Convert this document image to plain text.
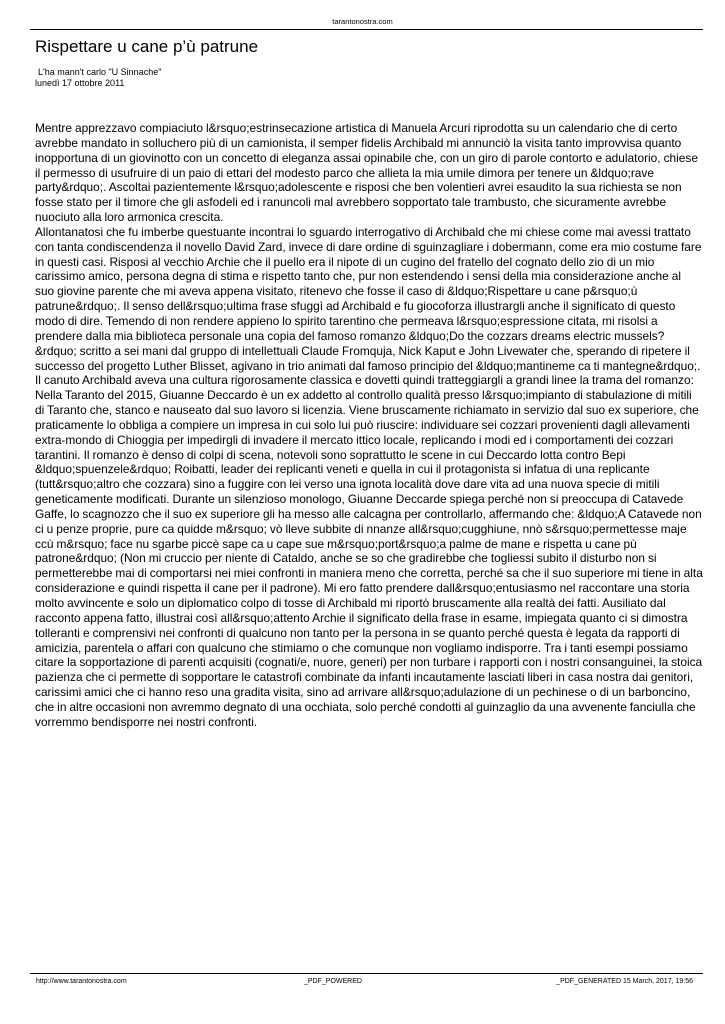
tarantonostra.com
Rispettare u cane p’ù patrune
L'ha mann't carlo "U Sinnache"
lunedì 17 ottobre 2011
Mentre apprezzavo compiaciuto l&rsquo;estrinsecazione artistica di Manuela Arcuri riprodotta su un calendario che di certo avrebbe mandato in solluchero più di un camionista, il semper fidelis Archibald mi annunciò la visita tanto improvvisa quanto inopportuna di un giovinotto con un concetto di eleganza assai opinabile che, con un giro di parole contorto e adulatorio, chiese il permesso di usufruire di un paio di ettari del modesto parco che allieta la mia umile dimora per tenere un &ldquo;rave party&rdquo;. Ascoltai pazientemente l&rsquo;adolescente e risposi che ben volentieri avrei esaudito la sua richiesta se non fosse stato per il timore che gli asfodeli ed i ranuncoli mal avrebbero sopportato tale trambusto, che sicuramente avrebbe nuociuto alla loro armonica crescita.
Allontanatosi che fu imberbe questuante incontrai lo sguardo interrogativo di Archibald che mi chiese come mai avessi trattato con tanta condiscendenza il novello David Zard, invece di dare ordine di sguinzagliare i dobermann, come era mio costume fare in questi casi. Risposi al vecchio Archie che il puello era il nipote di un cugino del fratello del cognato dello zio di un mio carissimo amico, persona degna di stima e rispetto tanto che, pur non estendendo i sensi della mia considerazione anche al suo giovine parente che mi aveva appena visitato, ritenevo che fosse il caso di &ldquo;Rispettare u cane p&rsquo;ù patrune&rdquo;. Il senso dell&rsquo;ultima frase sfuggì ad Archibald e fu giocoforza illustrargli anche il significato di questo modo di dire. Temendo di non rendere appieno lo spirito tarentino che permeava l&rsquo;espressione citata, mi risolsi a prendere dalla mia biblioteca personale una copia del famoso romanzo &ldquo;Do the cozzars dreams electric mussels?&rdquo; scritto a sei mani dal gruppo di intellettuali Claude Fromquja, Nick Kaput e John Livewater che, sperando di ripetere il successo del progetto Luther Blisset, agivano in trio animati dal famoso principio del &ldquo;mantineme ca ti mantegne&rdquo;. Il canuto Archibald aveva una cultura rigorosamente classica e dovetti quindi tratteggiargli a grandi linee la trama del romanzo: Nella Taranto del 2015, Giuanne Deccardo è un ex addetto al controllo qualità presso l&rsquo;impianto di stabulazione di mitili di Taranto che, stanco e nauseato dal suo lavoro si licenzia. Viene bruscamente richiamato in servizio dal suo ex superiore, che praticamente lo obbliga a compiere un impresa in cui solo lui può riuscire: individuare sei cozzari provenienti dagli allevamenti extra-mondo di Chioggia per impedirgli di invadere il mercato ittico locale, replicando i modi ed i comportamenti dei cozzari tarantini. Il romanzo è denso di colpi di scena, notevoli sono soprattutto le scene in cui Deccardo lotta contro Bepi &ldquo;spuenzele&rdquo; Roibatti, leader dei replicanti veneti e quella in cui il protagonista si infatua di una replicante (tutt&rsquo;altro che cozzara) sino a fuggire con lei verso una ignota località dove dare vita ad una nuova specie di mitili geneticamente modificati. Durante un silenzioso monologo, Giuanne Deccarde spiega perché non si preoccupa di Catavede Gaffe, lo scagnozzo che il suo ex superiore gli ha messo alle calcagna per controllarlo, affermando che: &ldquo;A Catavede non ci u penze proprie, pure ca quidde m&rsquo; vò lleve subbite di nnanze all&rsquo;cugghiune, nnò s&rsquo;permettesse maje ccù m&rsquo; face nu sgarbe piccè sape ca u cape sue m&rsquo;port&rsquo;a palme de mane e rispetta u cane pù patrone&rdquo; (Non mi cruccio per niente di Cataldo, anche se so che gradirebbe che togliessi subito il disturbo non si permetterebbe mai di comportarsi nei miei confronti in maniera meno che corretta, perché sa che il suo superiore mi tiene in alta considerazione e quindi rispetta il cane per il padrone). Mi ero fatto prendere dall&rsquo;entusiasmo nel raccontare una storia molto avvincente e solo un diplomatico colpo di tosse di Archibald mi riportò bruscamente alla realtà dei fatti. Ausiliato dal racconto appena fatto, illustrai così all&rsquo;attento Archie il significato della frase in esame, impiegata quanto ci si dimostra tolleranti e comprensivi nei confronti di qualcuno non tanto per la persona in se quanto perché questa è legata da rapporti di amicizia, parentela o affari con qualcuno che stimiamo o che comunque non vogliamo indisporre. Tra i tanti esempi possiamo citare la sopportazione di parenti acquisiti (cognati/e, nuore, generi) per non turbare i rapporti con i nostri consanguinei, la stoica pazienza che ci permette di sopportare le catastrofi combinate da infanti incautamente lasciati liberi in casa nostra dai genitori, carissimi amici che ci hanno reso una gradita visita, sino ad arrivare all&rsquo;adulazione di un pechinese o di un barboncino, che in altre occasioni non avremmo degnato di una occhiata, solo perché condotti al guinzaglio da una avvenente fanciulla che vorremmo bendisporre nei nostri confronti.
http://www.tarantonostra.com	_PDF_POWERED	_PDF_GENERATED 15 March, 2017, 19:56
